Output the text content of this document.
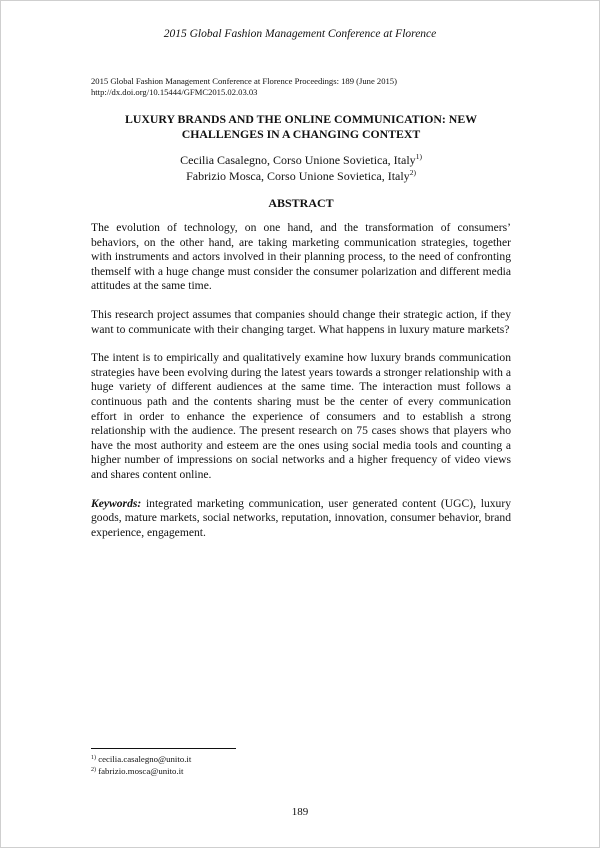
2015 Global Fashion Management Conference at Florence
2015 Global Fashion Management Conference at Florence Proceedings: 189 (June 2015)
http://dx.doi.org/10.15444/GFMC2015.02.03.03
LUXURY BRANDS AND THE ONLINE COMMUNICATION: NEW
CHALLENGES IN A CHANGING CONTEXT
Cecilia Casalegno, Corso Unione Sovietica, Italy$^{1)}$
Fabrizio Mosca, Corso Unione Sovietica, Italy$^{2)}$
ABSTRACT

The evolution of technology, on one hand, and the transformation of consumers’ behaviors, on the other hand, are taking marketing communication strategies, together with instruments and actors involved in their planning process, to the need of confronting themself with a huge change must consider the consumer polarization and different media attitudes at the same time.

This research project assumes that companies should change their strategic action, if they want to communicate with their changing target. What happens in luxury mature markets?

The intent is to empirically and qualitatively examine how luxury brands communication strategies have been evolving during the latest years towards a stronger relationship with a huge variety of different audiences at the same time. The interaction must follows a continuous path and the contents sharing must be the center of every communication effort in order to enhance the experience of consumers and to establish a strong relationship with the audience. The present research on 75 cases shows that players who have the most authority and esteem are the ones using social media tools and counting a higher number of impressions on social networks and a higher frequency of video views and shares content online.

Keywords: integrated marketing communication, user generated content (UGC), luxury goods, mature markets, social networks, reputation, innovation, consumer behavior, brand experience, engagement.

$^{1)}$ cecilia.casalegno@unito.it
$^{2)}$ fabrizio.mosca@unito.it
189
